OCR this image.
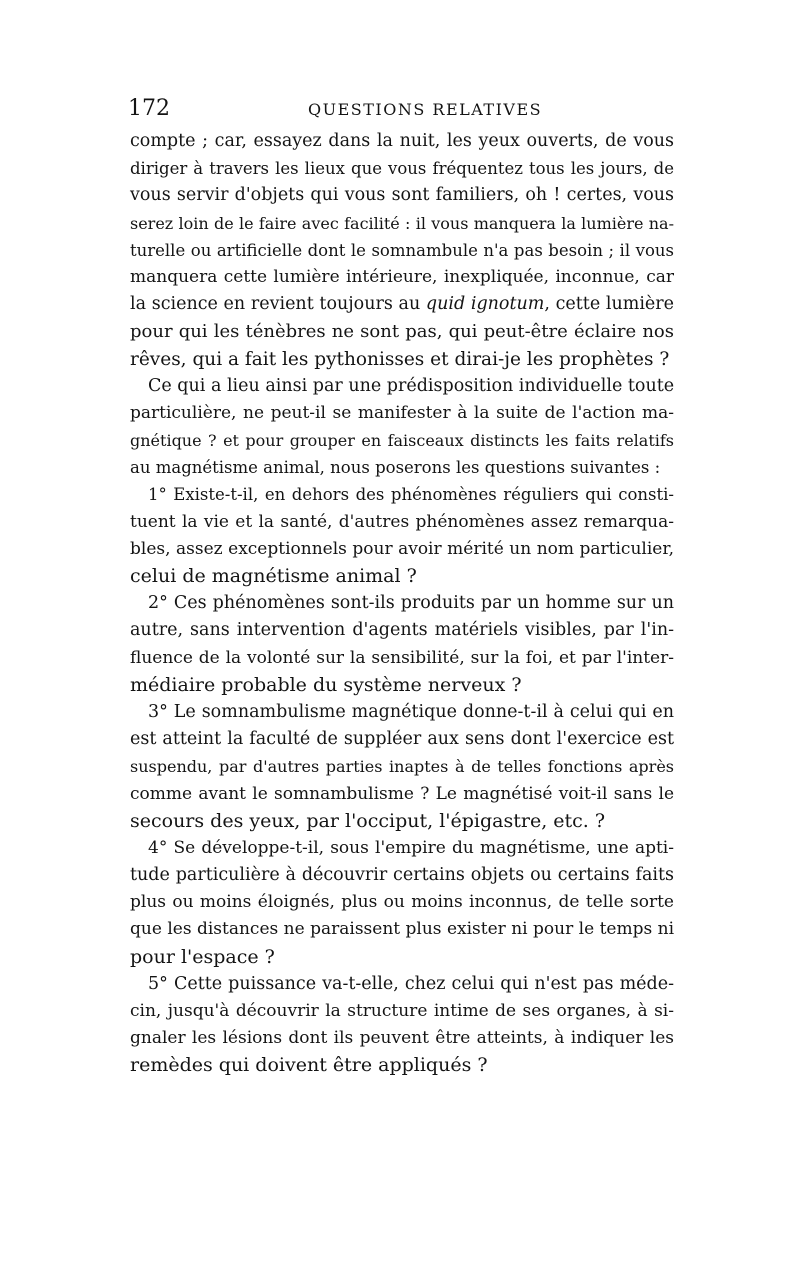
172	QUESTIONS RELATIVES
compte ; car, essayez dans la nuit, les yeux ouverts, de vous
diriger à travers les lieux que vous fréquentez tous les jours, de
vous servir d'objets qui vous sont familiers, oh ! certes, vous
serez loin de le faire avec facilité : il vous manquera la lumière na-
turelle ou artificielle dont le somnambule n'a pas besoin ; il vous
manquera cette lumière intérieure, inexpliquée, inconnue, car
la science en revient toujours au quid ignotum, cette lumière
pour qui les ténèbres ne sont pas, qui peut-être éclaire nos
rêves, qui a fait les pythonisses et dirai-je les prophètes ?
Ce qui a lieu ainsi par une prédisposition individuelle toute
particulière, ne peut-il se manifester à la suite de l'action ma-
gnétique ? et pour grouper en faisceaux distincts les faits relatifs
au magnétisme animal, nous poserons les questions suivantes :
1° Existe-t-il, en dehors des phénomènes réguliers qui consti-
tuent la vie et la santé, d'autres phénomènes assez remarqua-
bles, assez exceptionnels pour avoir mérité un nom particulier,
celui de magnétisme animal ?
2° Ces phénomènes sont-ils produits par un homme sur un
autre, sans intervention d'agents matériels visibles, par l'in-
fluence de la volonté sur la sensibilité, sur la foi, et par l'inter-
médiaire probable du système nerveux ?
3° Le somnambulisme magnétique donne-t-il à celui qui en
est atteint la faculté de suppléer aux sens dont l'exercice est
suspendu, par d'autres parties inaptes à de telles fonctions après
comme avant le somnambulisme ? Le magnétisé voit-il sans le
secours des yeux, par l'occiput, l'épigastre, etc. ?
4° Se développe-t-il, sous l'empire du magnétisme, une apti-
tude particulière à découvrir certains objets ou certains faits
plus ou moins éloignés, plus ou moins inconnus, de telle sorte
que les distances ne paraissent plus exister ni pour le temps ni
pour l'espace ?
5° Cette puissance va-t-elle, chez celui qui n'est pas méde-
cin, jusqu'à découvrir la structure intime de ses organes, à si-
gnaler les lésions dont ils peuvent être atteints, à indiquer les
remèdes qui doivent être appliqués ?
